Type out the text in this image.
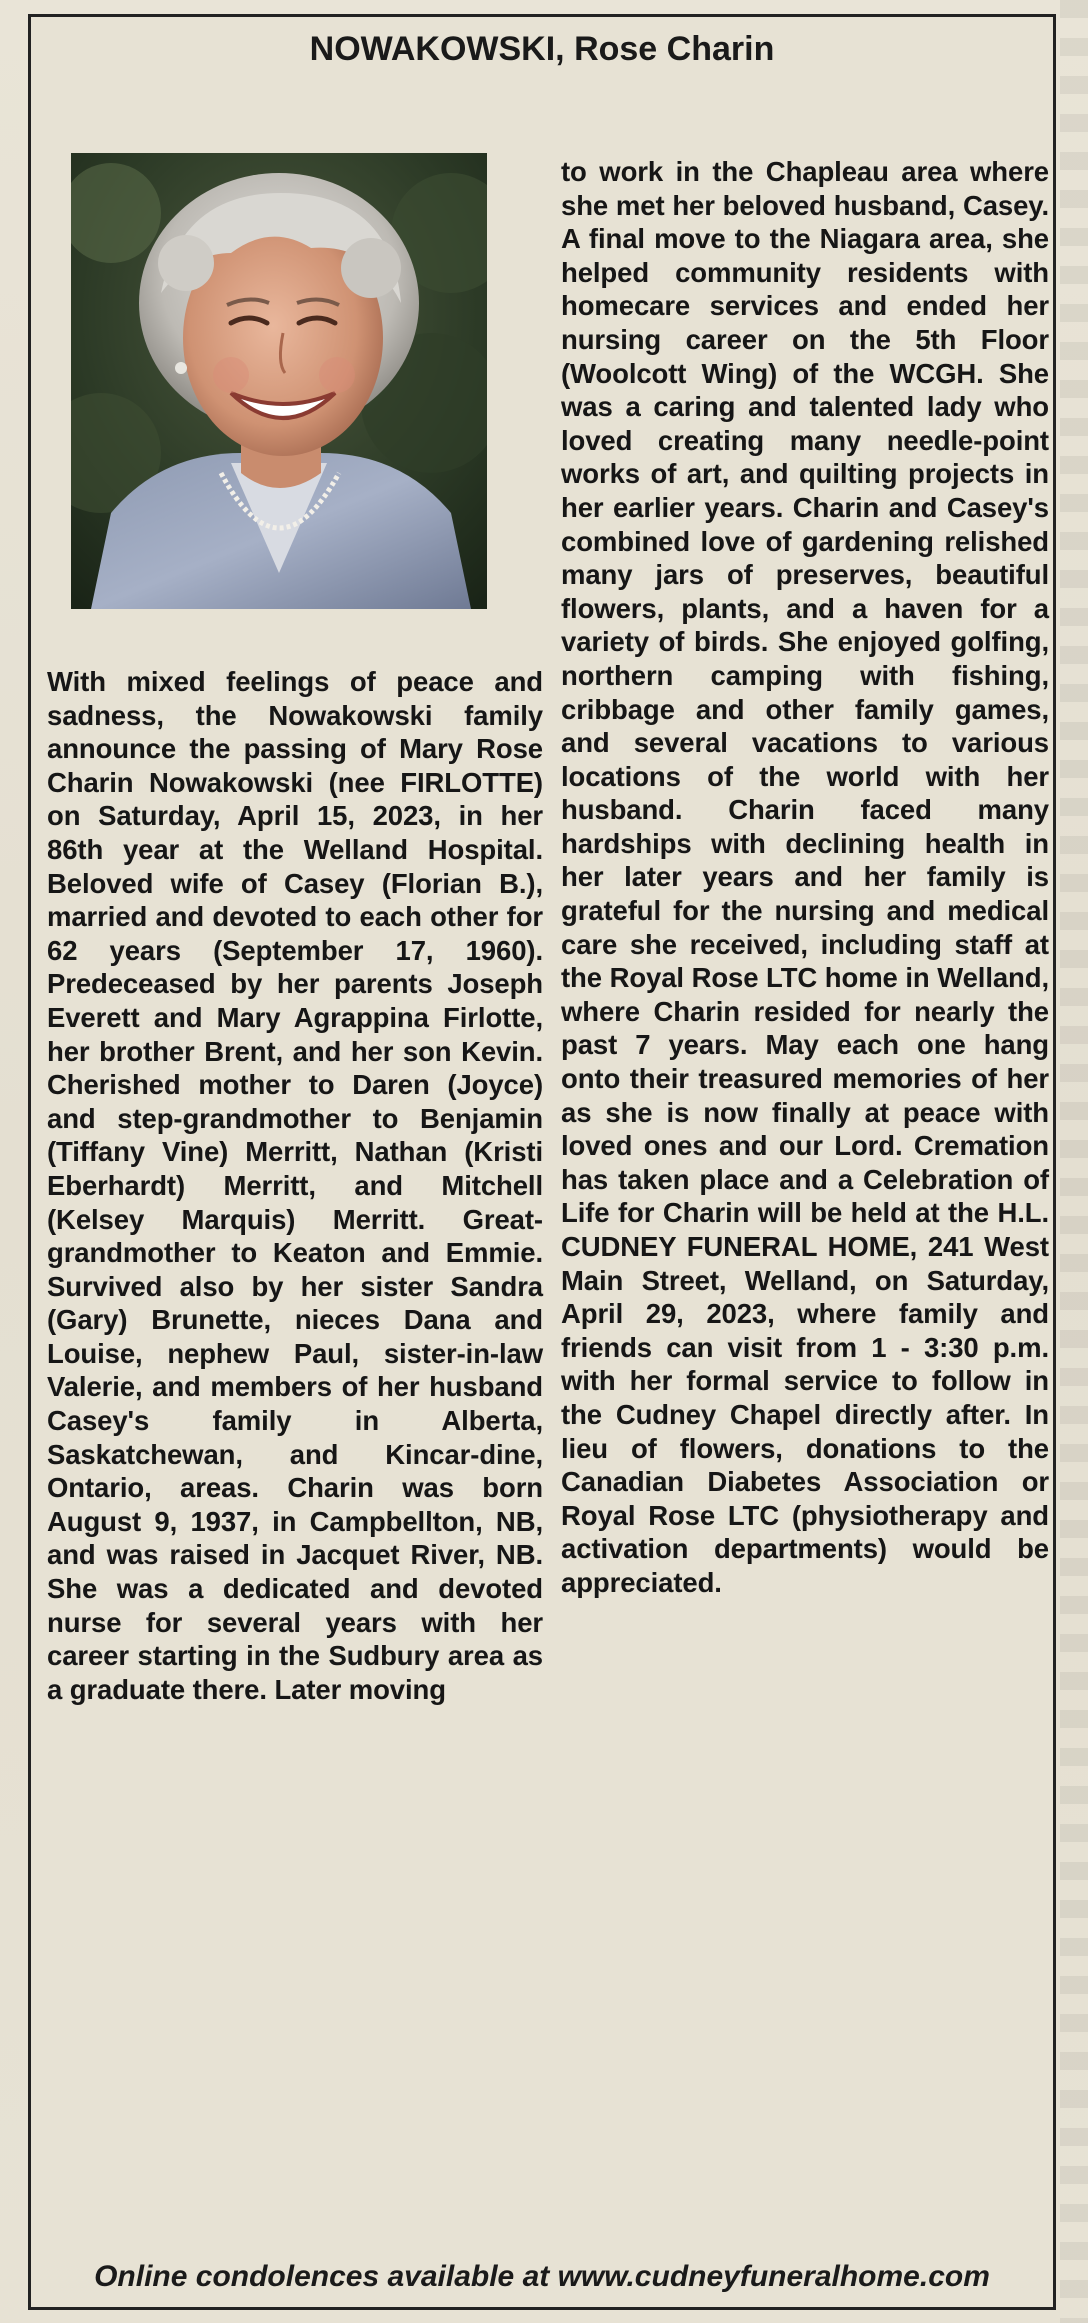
NOWAKOWSKI, Rose Charin
With mixed feelings of peace and sadness, the Nowakowski family announce the passing of Mary Rose Charin Nowakowski (nee FIRLOTTE) on Saturday, April 15, 2023, in her 86th year at the Welland Hospital. Beloved wife of Casey (Florian B.), married and devoted to each other for 62 years (September 17, 1960). Predeceased by her parents Joseph Everett and Mary Agrappina Firlotte, her brother Brent, and her son Kevin. Cherished mother to Daren (Joyce) and step-grandmother to Benjamin (Tiffany Vine) Merritt, Nathan (Kristi Eberhardt) Merritt, and Mitchell (Kelsey Marquis) Merritt. Great-grandmother to Keaton and Emmie. Survived also by her sister Sandra (Gary) Brunette, nieces Dana and Louise, nephew Paul, sister-in-law Valerie, and members of her husband Casey's family in Alberta, Saskatchewan, and Kincar-dine, Ontario, areas. Charin was born August 9, 1937, in Campbellton, NB, and was raised in Jacquet River, NB. She was a dedicated and devoted nurse for several years with her career starting in the Sudbury area as a graduate there. Later moving
to work in the Chapleau area where she met her beloved husband, Casey. A final move to the Niagara area, she helped community residents with homecare services and ended her nursing career on the 5th Floor (Woolcott Wing) of the WCGH. She was a caring and talented lady who loved creating many needle-point works of art, and quilting projects in her earlier years. Charin and Casey's combined love of gardening relished many jars of preserves, beautiful flowers, plants, and a haven for a variety of birds. She enjoyed golfing, northern camping with fishing, cribbage and other family games, and several vacations to various locations of the world with her husband. Charin faced many hardships with declining health in her later years and her family is grateful for the nursing and medical care she received, including staff at the Royal Rose LTC home in Welland, where Charin resided for nearly the past 7 years. May each one hang onto their treasured memories of her as she is now finally at peace with loved ones and our Lord. Cremation has taken place and a Celebration of Life for Charin will be held at the H.L. CUDNEY FUNERAL HOME, 241 West Main Street, Welland, on Saturday, April 29, 2023, where family and friends can visit from 1 - 3:30 p.m. with her formal service to follow in the Cudney Chapel directly after. In lieu of flowers, donations to the Canadian Diabetes Association or Royal Rose LTC (physiotherapy and activation departments) would be appreciated.
Online condolences available at www.cudneyfuneralhome.com
